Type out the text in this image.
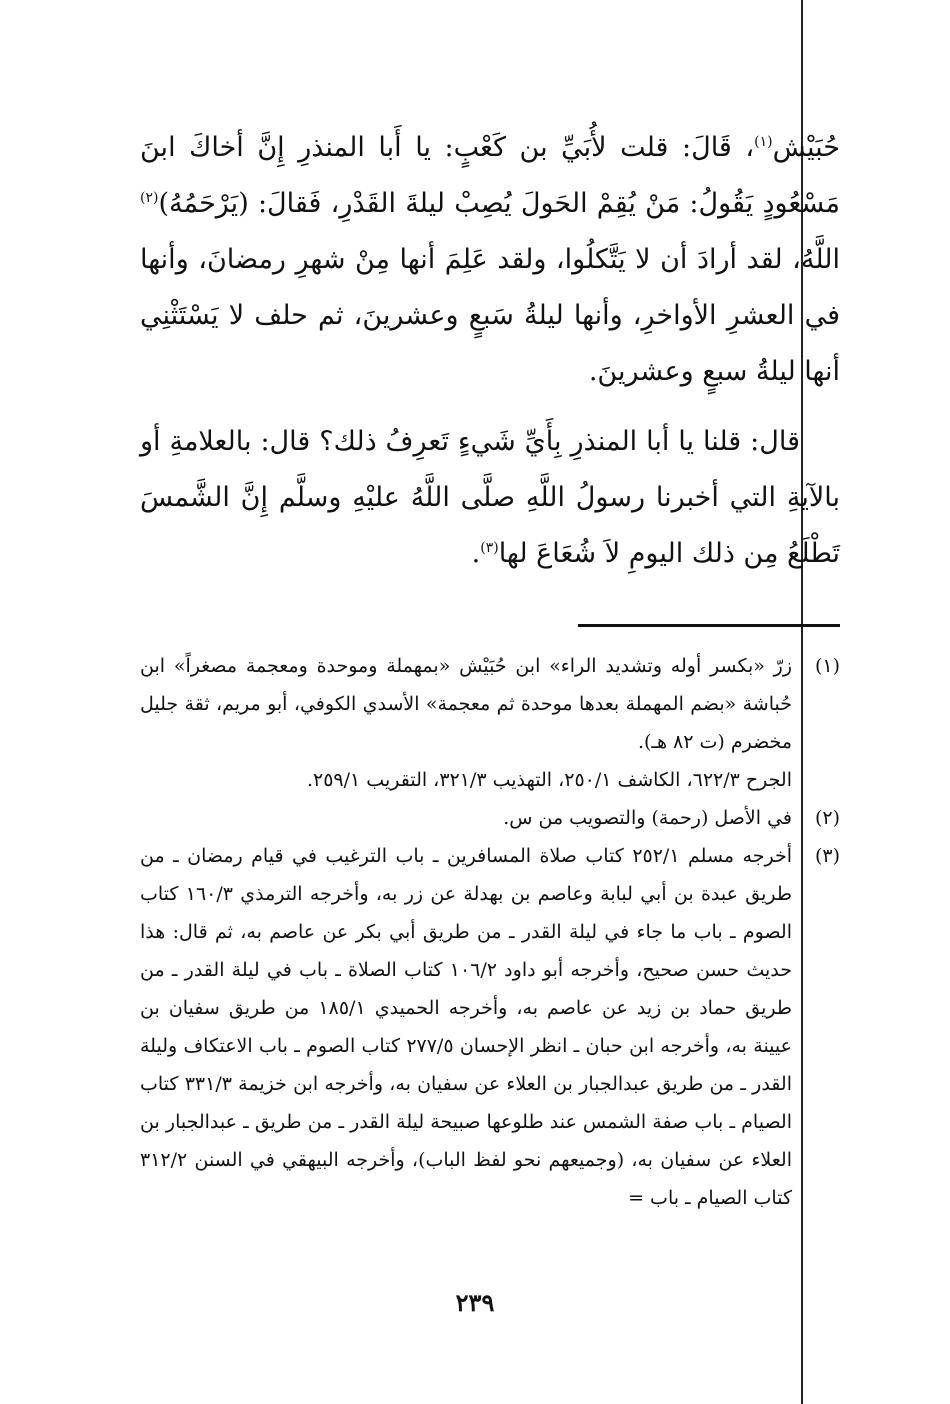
حُبَيْش$^{(١)}$، قَالَ: قلت لأُبَيِّ بن كَعْبٍ: يا أَبا المنذرِ إِنَّ أخاكَ ابنَ مَسْعُودٍ يَقُولُ: مَنْ يُقِمْ الحَولَ يُصِبْ ليلةَ القَدْرِ، فَقالَ: (يَرْحَمُهُ)$^{(٢)}$ اللَّهُ، لقد أرادَ أن لا يَتَّكلُوا، ولقد عَلِمَ أنها مِنْ شهرِ رمضانَ، وأنها في العشرِ الأواخرِ، وأنها ليلةُ سَبعٍ وعشرينَ، ثم حلف لا يَسْتَثْنِي أنها ليلةُ سبعٍ وعشرينَ.

قال: قلنا يا أبا المنذرِ بِأَيِّ شَيءٍ تَعرِفُ ذلك؟ قال: بالعلامةِ أو بالآيةِ التي أخبرنا رسولُ اللَّهِ صلَّى اللَّهُ عليْهِ وسلَّم إِنَّ الشَّمسَ تَطْلَعُ مِن ذلك اليومِ لاَ شُعَاعَ لها$^{(٣)}$.

(١)

زرّ «بكسر أوله وتشديد الراء» ابن حُبَيْش «بمهملة وموحدة ومعجمة مصغراً» ابن حُباشة «بضم المهملة بعدها موحدة ثم معجمة» الأسدي الكوفي، أبو مريم، ثقة جليل مخضرم (ت ٨٢ هـ).

الجرح ٦٢٢/٣، الكاشف ٢٥٠/١، التهذيب ٣٢١/٣، التقريب ٢٥٩/١.

(٢)

في الأصل (رحمة) والتصويب من س.

(٣)

أخرجه مسلم ٢٥٢/١ كتاب صلاة المسافرين ـ باب الترغيب في قيام رمضان ـ من طريق عبدة بن أبي لبابة وعاصم بن بهدلة عن زر به، وأخرجه الترمذي ١٦٠/٣ كتاب الصوم ـ باب ما جاء في ليلة القدر ـ من طريق أبي بكر عن عاصم به، ثم قال: هذا حديث حسن صحيح، وأخرجه أبو داود ١٠٦/٢ كتاب الصلاة ـ باب في ليلة القدر ـ من طريق حماد بن زيد عن عاصم به، وأخرجه الحميدي ١٨٥/١ من طريق سفيان بن عيينة به، وأخرجه ابن حبان ـ انظر الإحسان ٢٧٧/٥ كتاب الصوم ـ باب الاعتكاف وليلة القدر ـ من طريق عبدالجبار بن العلاء عن سفيان به، وأخرجه ابن خزيمة ٣٣١/٣ كتاب الصيام ـ باب صفة الشمس عند طلوعها صبيحة ليلة القدر ـ من طريق ـ عبدالجبار بن العلاء عن سفيان به، (وجميعهم نحو لفظ الباب)، وأخرجه البيهقي في السنن ٣١٢/٢ كتاب الصيام ـ باب =

٢٣٩
